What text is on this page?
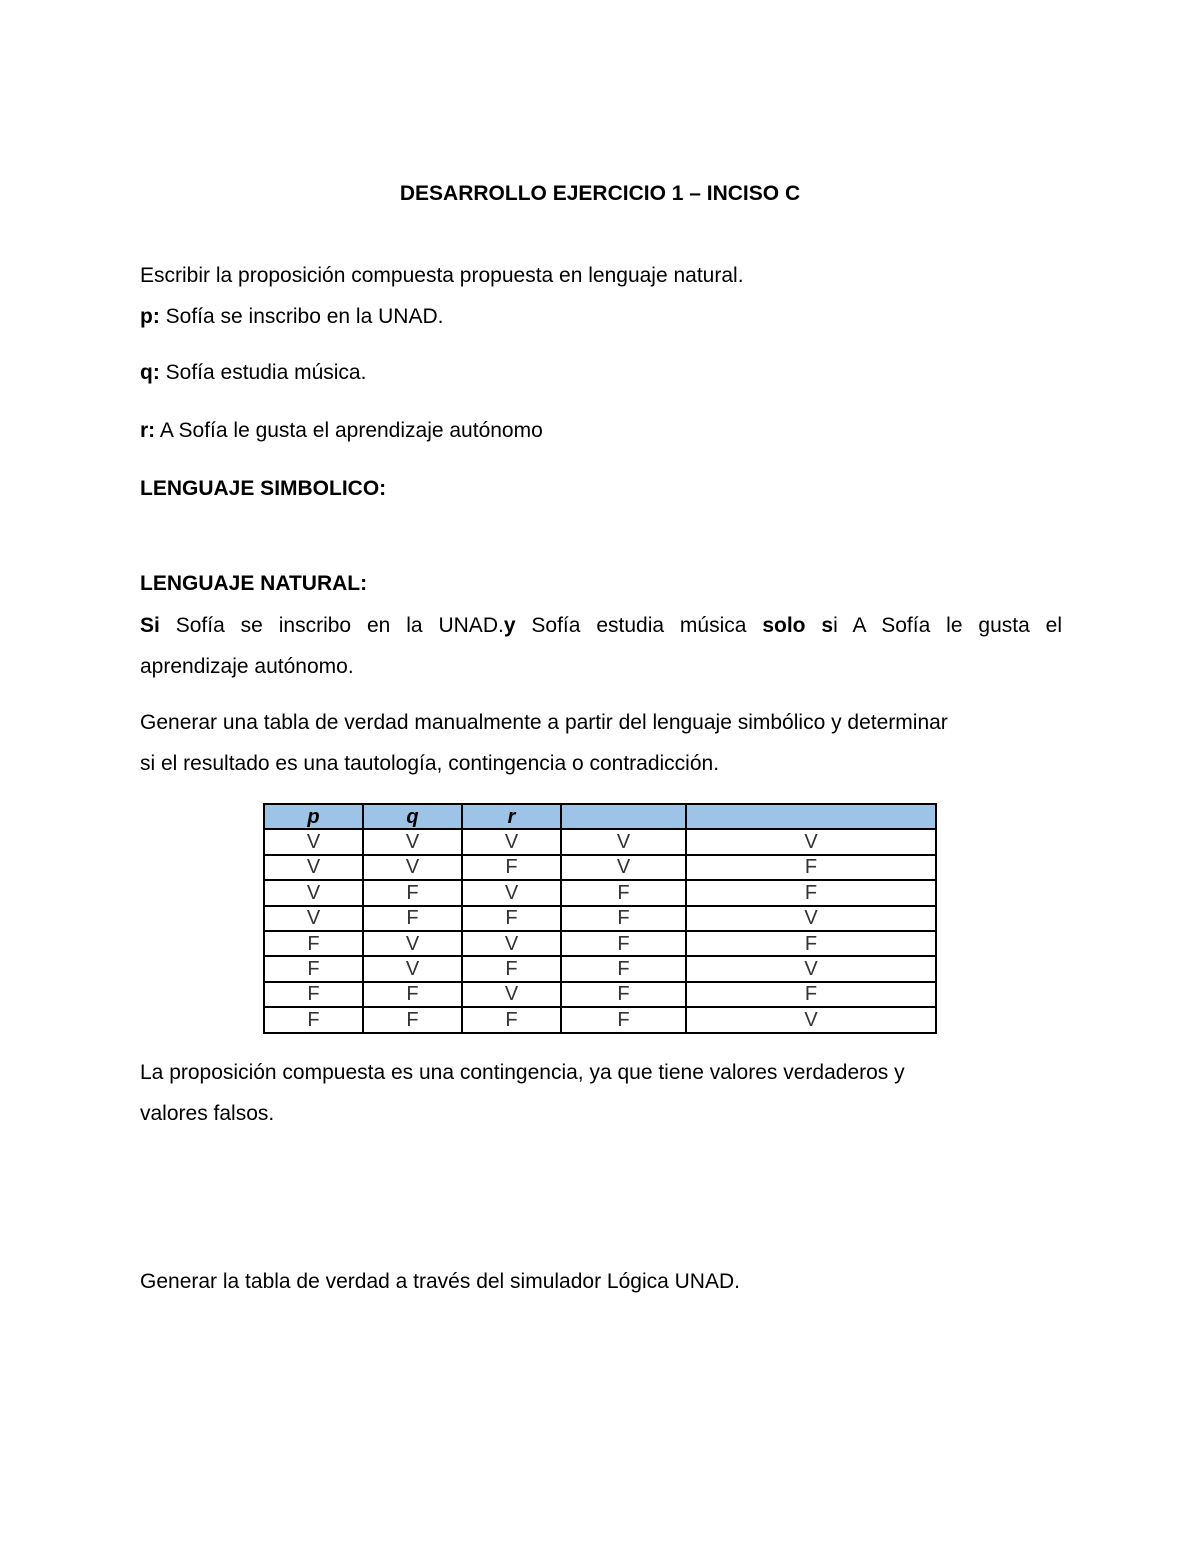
DESARROLLO EJERCICIO 1 – INCISO C
Escribir la proposición compuesta propuesta en lenguaje natural.
p: Sofía se inscribo en la UNAD.
q: Sofía estudia música.
r: A Sofía le gusta el aprendizaje autónomo
LENGUAJE SIMBOLICO:
LENGUAJE NATURAL:
Si Sofía se inscribo en la UNAD.y Sofía estudia música solo si A Sofía le gusta el
aprendizaje autónomo.
Generar una tabla de verdad manualmente a partir del lenguaje simbólico y determinar
si el resultado es una tautología, contingencia o contradicción.
p	q	r		
V	V	V	V	V
V	V	F	V	F
V	F	V	F	F
V	F	F	F	V
F	V	V	F	F
F	V	F	F	V
F	F	V	F	F
F	F	F	F	V
La proposición compuesta es una contingencia, ya que tiene valores verdaderos y
valores falsos.
Generar la tabla de verdad a través del simulador Lógica UNAD.
